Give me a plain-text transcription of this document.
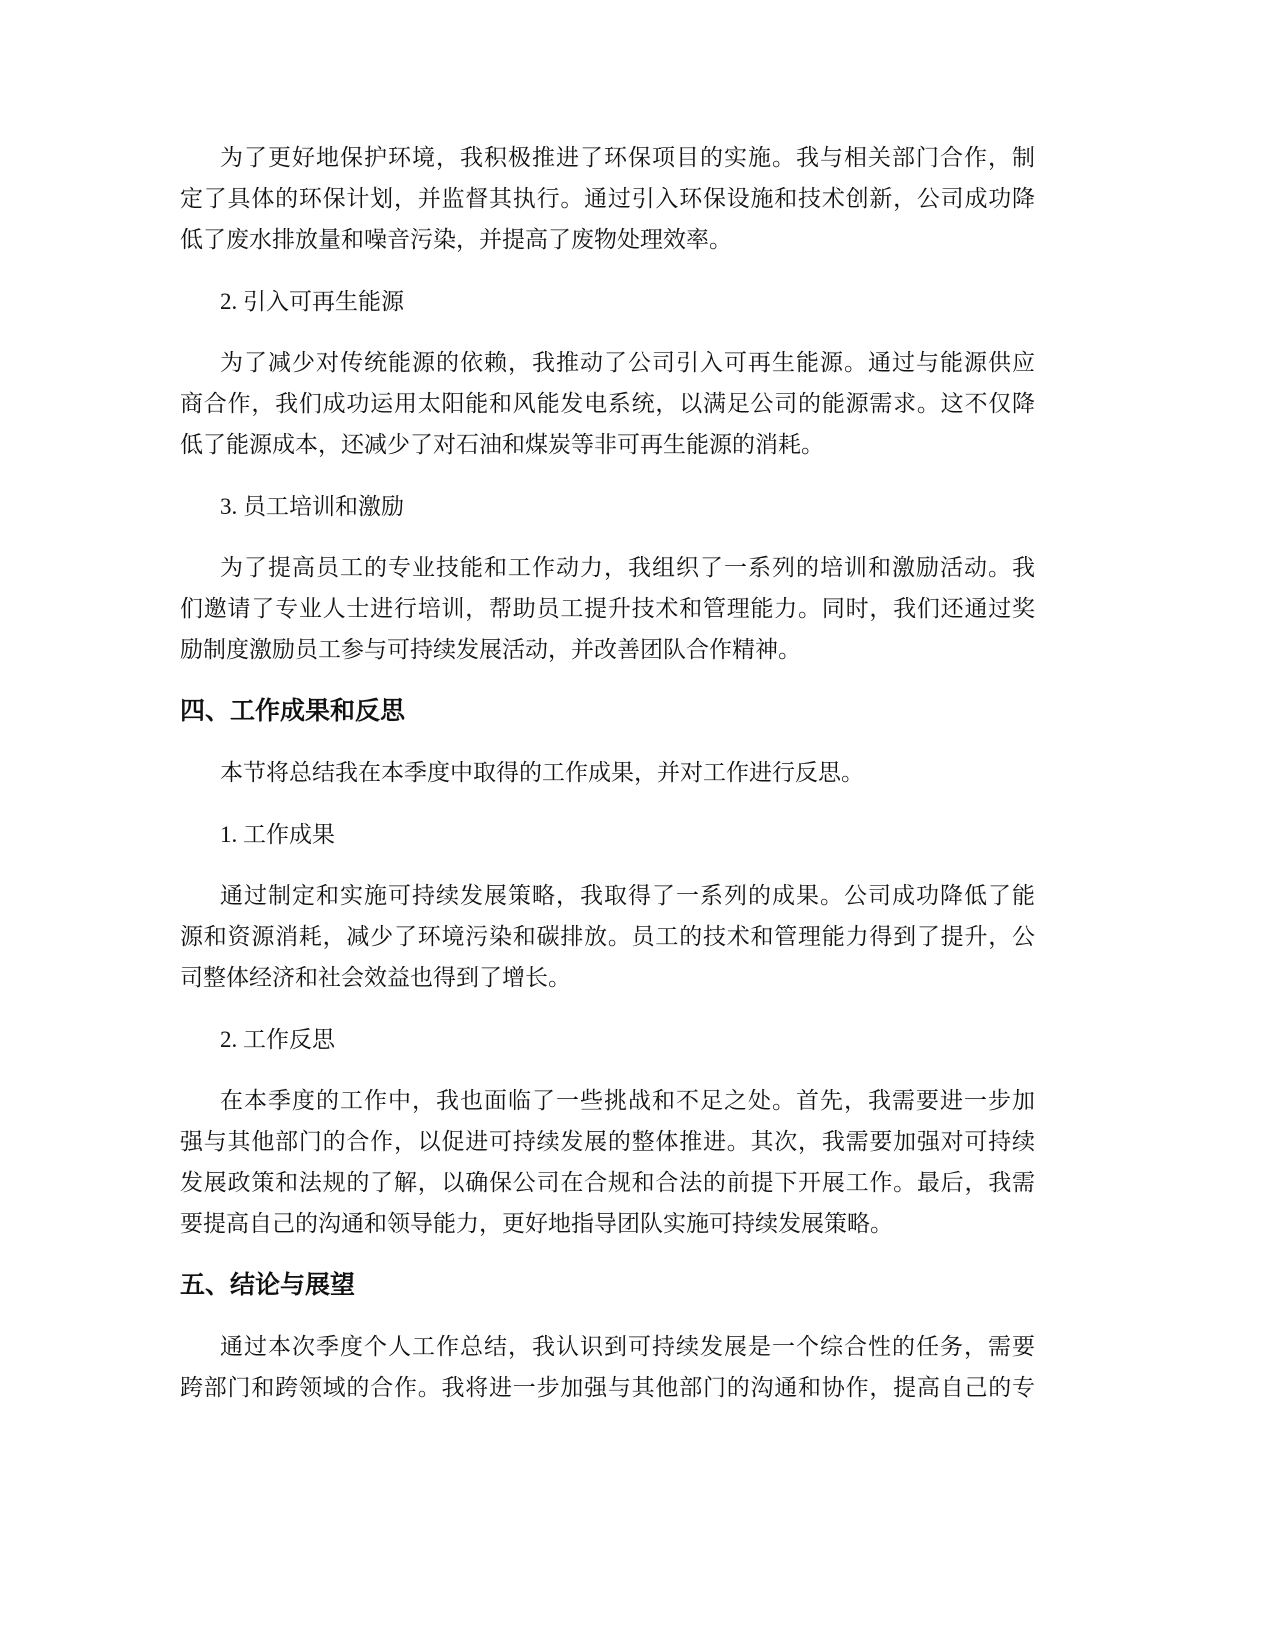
为了更好地保护环境，我积极推进了环保项目的实施。我与相关部门合作，制
定了具体的环保计划，并监督其执行。通过引入环保设施和技术创新，公司成功降
低了废水排放量和噪音污染，并提高了废物处理效率。
2. 引入可再生能源
为了减少对传统能源的依赖，我推动了公司引入可再生能源。通过与能源供应
商合作，我们成功运用太阳能和风能发电系统，以满足公司的能源需求。这不仅降
低了能源成本，还减少了对石油和煤炭等非可再生能源的消耗。
3. 员工培训和激励
为了提高员工的专业技能和工作动力，我组织了一系列的培训和激励活动。我
们邀请了专业人士进行培训，帮助员工提升技术和管理能力。同时，我们还通过奖
励制度激励员工参与可持续发展活动，并改善团队合作精神。
四、工作成果和反思
本节将总结我在本季度中取得的工作成果，并对工作进行反思。
1. 工作成果
通过制定和实施可持续发展策略，我取得了一系列的成果。公司成功降低了能
源和资源消耗，减少了环境污染和碳排放。员工的技术和管理能力得到了提升，公
司整体经济和社会效益也得到了增长。
2. 工作反思
在本季度的工作中，我也面临了一些挑战和不足之处。首先，我需要进一步加
强与其他部门的合作，以促进可持续发展的整体推进。其次，我需要加强对可持续
发展政策和法规的了解，以确保公司在合规和合法的前提下开展工作。最后，我需
要提高自己的沟通和领导能力，更好地指导团队实施可持续发展策略。
五、结论与展望
通过本次季度个人工作总结，我认识到可持续发展是一个综合性的任务，需要
跨部门和跨领域的合作。我将进一步加强与其他部门的沟通和协作，提高自己的专
